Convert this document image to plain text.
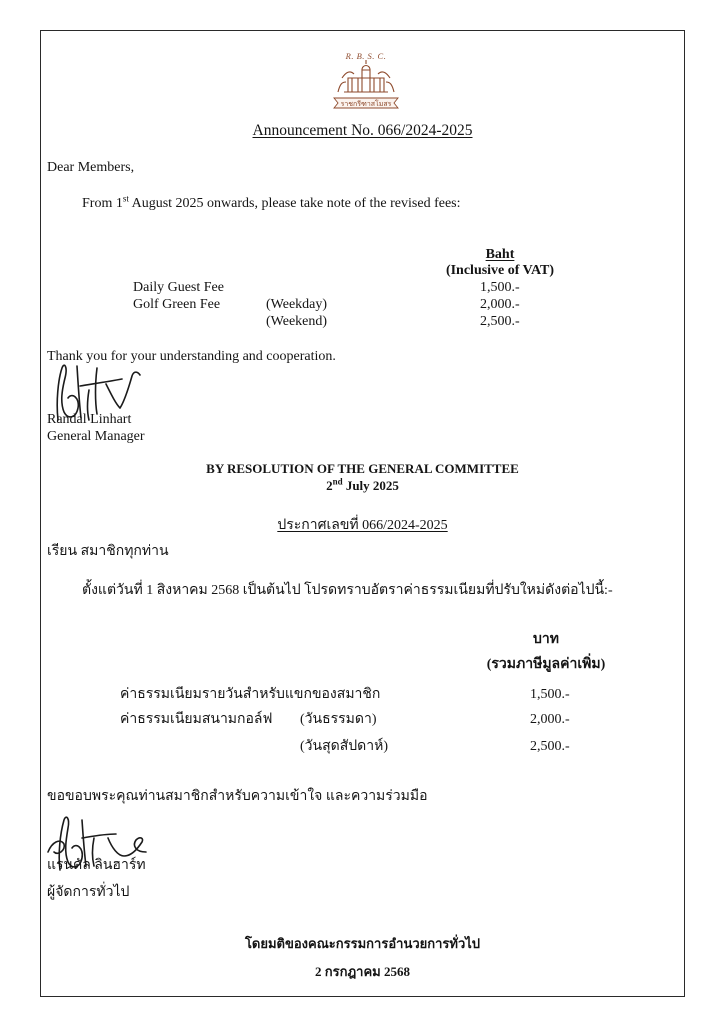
R. B. S. C.
ราชกรีฑาสโมสร
Announcement No. 066/2024-2025
Dear Members,
From 1st August 2025 onwards, please take note of the revised fees:
Baht
(Inclusive of VAT)
Daily Guest Fee	1,500.-
Golf Green Fee	(Weekday)	2,000.-
(Weekend)	2,500.-
Thank you for your understanding and cooperation.
Randal Linhart
General Manager
BY RESOLUTION OF THE GENERAL COMMITTEE
2nd July 2025
ประกาศเลขที่ 066/2024-2025
เรียน สมาชิกทุกท่าน
ตั้งแต่วันที่ 1 สิงหาคม 2568 เป็นต้นไป โปรดทราบอัตราค่าธรรมเนียมที่ปรับใหม่ดังต่อไปนี้:-
บาท
(รวมภาษีมูลค่าเพิ่ม)
ค่าธรรมเนียมรายวันสำหรับแขกของสมาชิก	1,500.-
ค่าธรรมเนียมสนามกอล์ฟ (วันธรรมดา)	2,000.-
(วันสุดสัปดาห์)	2,500.-
ขอขอบพระคุณท่านสมาชิกสำหรับความเข้าใจ และความร่วมมือ
แรนดัล ลินฮาร์ท
ผู้จัดการทั่วไป
โดยมติของคณะกรรมการอำนวยการทั่วไป
2 กรกฎาคม 2568
